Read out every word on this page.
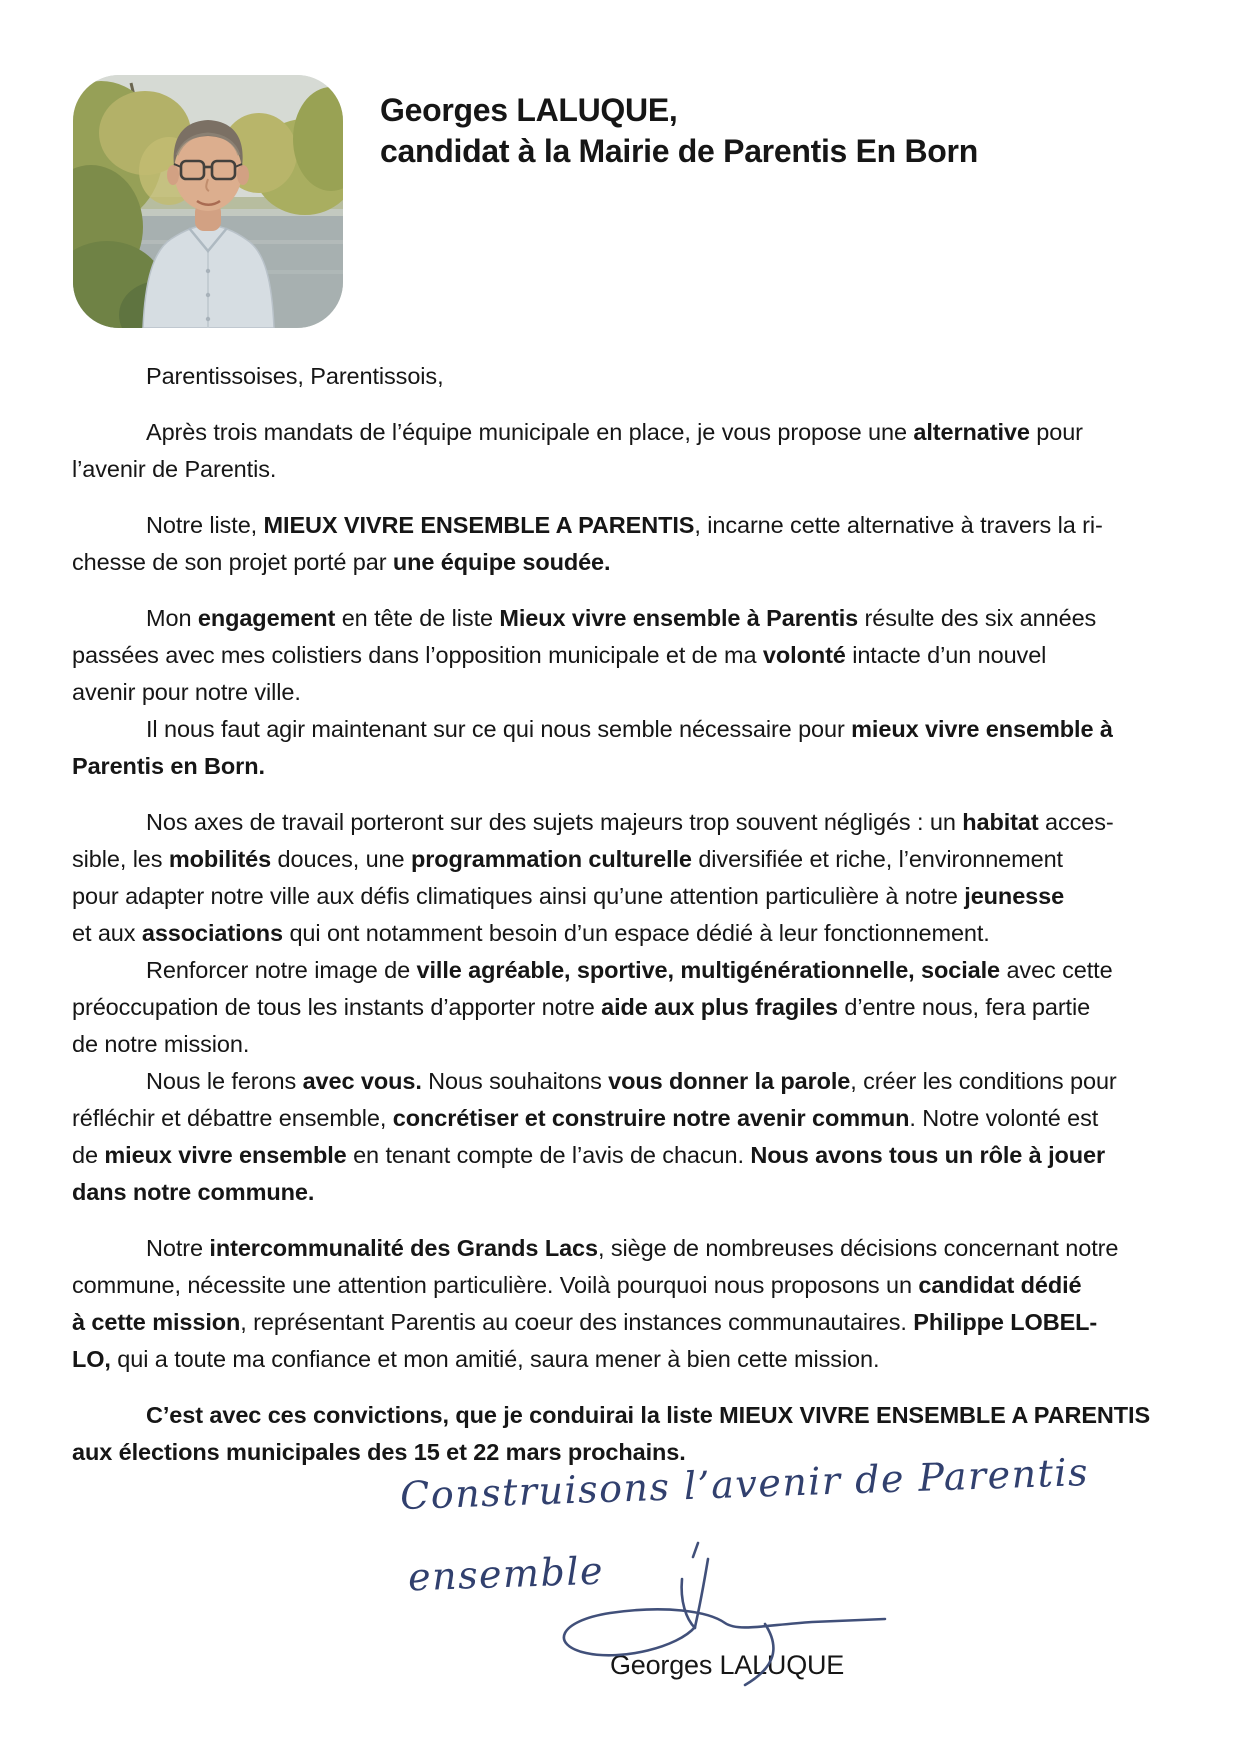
Georges LALUQUE,
candidat à la Mairie de Parentis En Born
Parentissoises, Parentissois,
Après trois mandats de l’équipe municipale en place, je vous propose une alternative pour
l’avenir de Parentis.
Notre liste, MIEUX VIVRE ENSEMBLE A PARENTIS, incarne cette alternative à travers la ri-
chesse de son projet porté par une équipe soudée.
Mon engagement en tête de liste Mieux vivre ensemble à Parentis résulte des six années
passées avec mes colistiers dans l’opposition municipale et de ma volonté intacte d’un nouvel
avenir pour notre ville.
Il nous faut agir maintenant sur ce qui nous semble nécessaire pour mieux vivre ensemble à
Parentis en Born.
Nos axes de travail porteront sur des sujets majeurs trop souvent négligés : un habitat acces-
sible, les mobilités douces, une programmation culturelle diversifiée et riche, l’environnement
pour adapter notre ville aux défis climatiques ainsi qu’une attention particulière à notre jeunesse
et aux associations qui ont notamment besoin d’un espace dédié à leur fonctionnement.
Renforcer notre image de ville agréable, sportive, multigénérationnelle, sociale avec cette
préoccupation de tous les instants d’apporter notre aide aux plus fragiles d’entre nous, fera partie
de notre mission.
Nous le ferons avec vous. Nous souhaitons vous donner la parole, créer les conditions pour
réfléchir et débattre ensemble, concrétiser et construire notre avenir commun. Notre volonté est
de mieux vivre ensemble en tenant compte de l’avis de chacun. Nous avons tous un rôle à jouer
dans notre commune.
Notre intercommunalité des Grands Lacs, siège de nombreuses décisions concernant notre
commune, nécessite une attention particulière. Voilà pourquoi nous proposons un candidat dédié
à cette mission, représentant Parentis au coeur des instances communautaires. Philippe LOBEL-
LO, qui a toute ma confiance et mon amitié, saura mener à bien cette mission.
C’est avec ces convictions, que je conduirai la liste MIEUX VIVRE ENSEMBLE A PARENTIS
aux élections municipales des 15 et 22 mars prochains.
Construisons l’avenir de Parentis
ensemble
Georges LALUQUE
